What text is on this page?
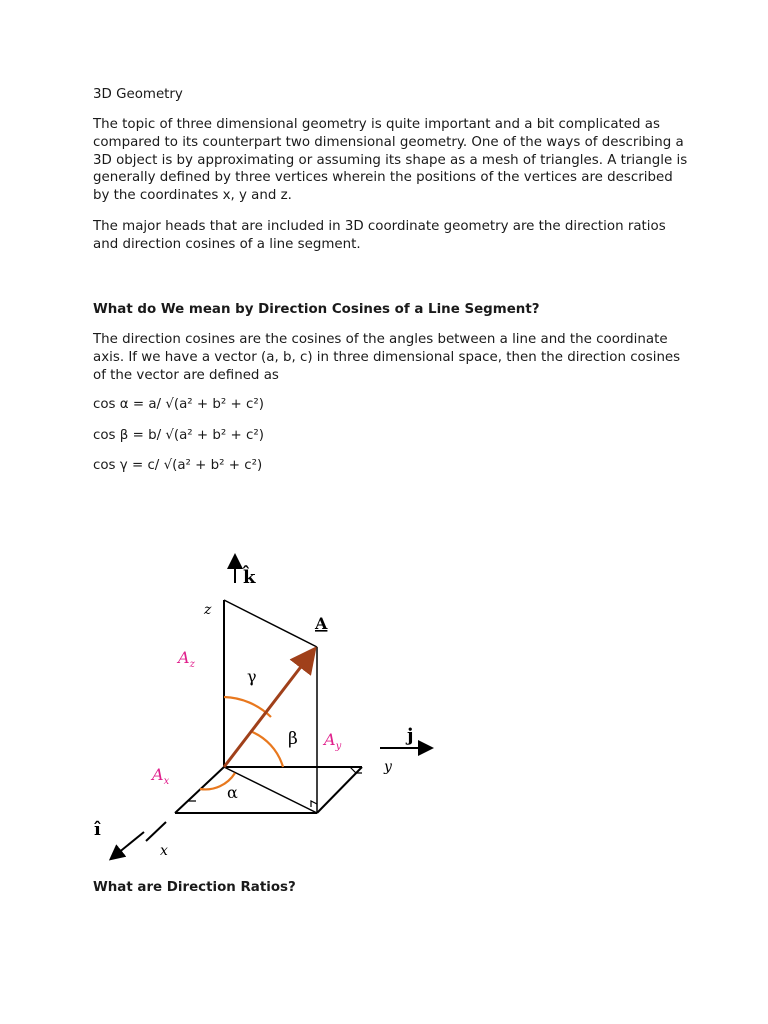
3D Geometry

The topic of three dimensional geometry is quite important and a bit complicated as compared to its counterpart two dimensional geometry. One of the ways of describing a 3D object is by approximating or assuming its shape as a mesh of triangles. A triangle is generally defined by three vertices wherein the positions of the vertices are described by the coordinates x, y and z.

The major heads that are included in 3D coordinate geometry are the direction ratios and direction cosines of a line segment.

What do We mean by Direction Cosines of a Line Segment?

The direction cosines are the cosines of the angles between a line and the coordinate axis. If we have a vector (a, b, c) in three dimensional space, then the direction cosines of the vector are defined as

cos α = a/ √(a² + b² + c²)

cos β = b/ √(a² + b² + c²)

cos γ = c/ √(a² + b² + c²)

What are Direction Ratios?
k̂
j
î
z
y
x
A
$A_z$
$A_y$
$A_x$
γ
β
α
